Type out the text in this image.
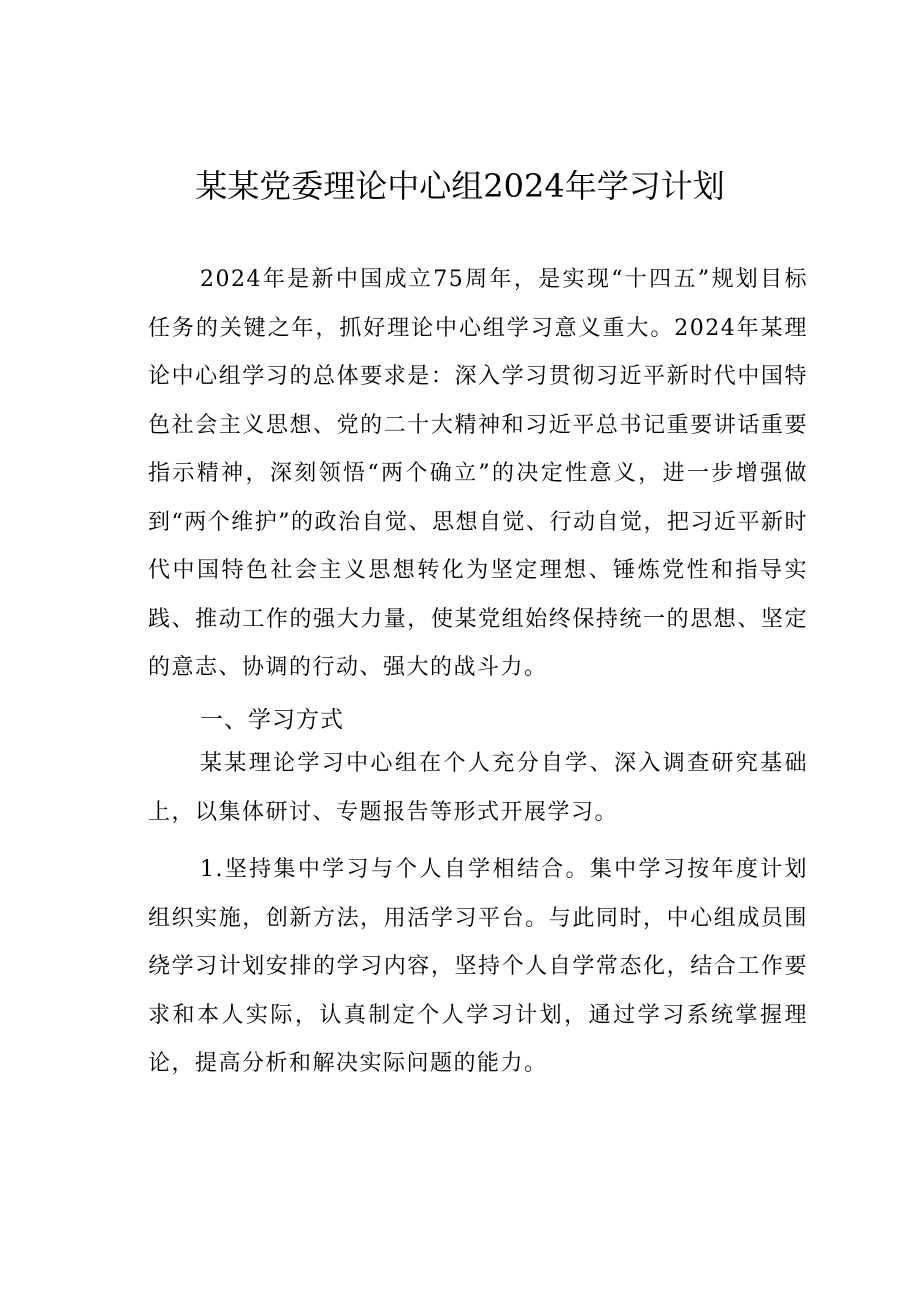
某某党委理论中心组2024年学习计划

2024年是新中国成立75周年，是实现“十四五”规划目标任务的关键之年，抓好理论中心组学习意义重大。2024年某理论中心组学习的总体要求是：深入学习贯彻习近平新时代中国特色社会主义思想、党的二十大精神和习近平总书记重要讲话重要指示精神，深刻领悟“两个确立”的决定性意义，进一步增强做到“两个维护”的政治自觉、思想自觉、行动自觉，把习近平新时代中国特色社会主义思想转化为坚定理想、锤炼党性和指导实践、推动工作的强大力量，使某党组始终保持统一的思想、坚定的意志、协调的行动、强大的战斗力。

一、学习方式

某某理论学习中心组在个人充分自学、深入调查研究基础上，以集体研讨、专题报告等形式开展学习。

1.坚持集中学习与个人自学相结合。集中学习按年度计划组织实施，创新方法，用活学习平台。与此同时，中心组成员围绕学习计划安排的学习内容，坚持个人自学常态化，结合工作要求和本人实际，认真制定个人学习计划，通过学习系统掌握理论，提高分析和解决实际问题的能力。
